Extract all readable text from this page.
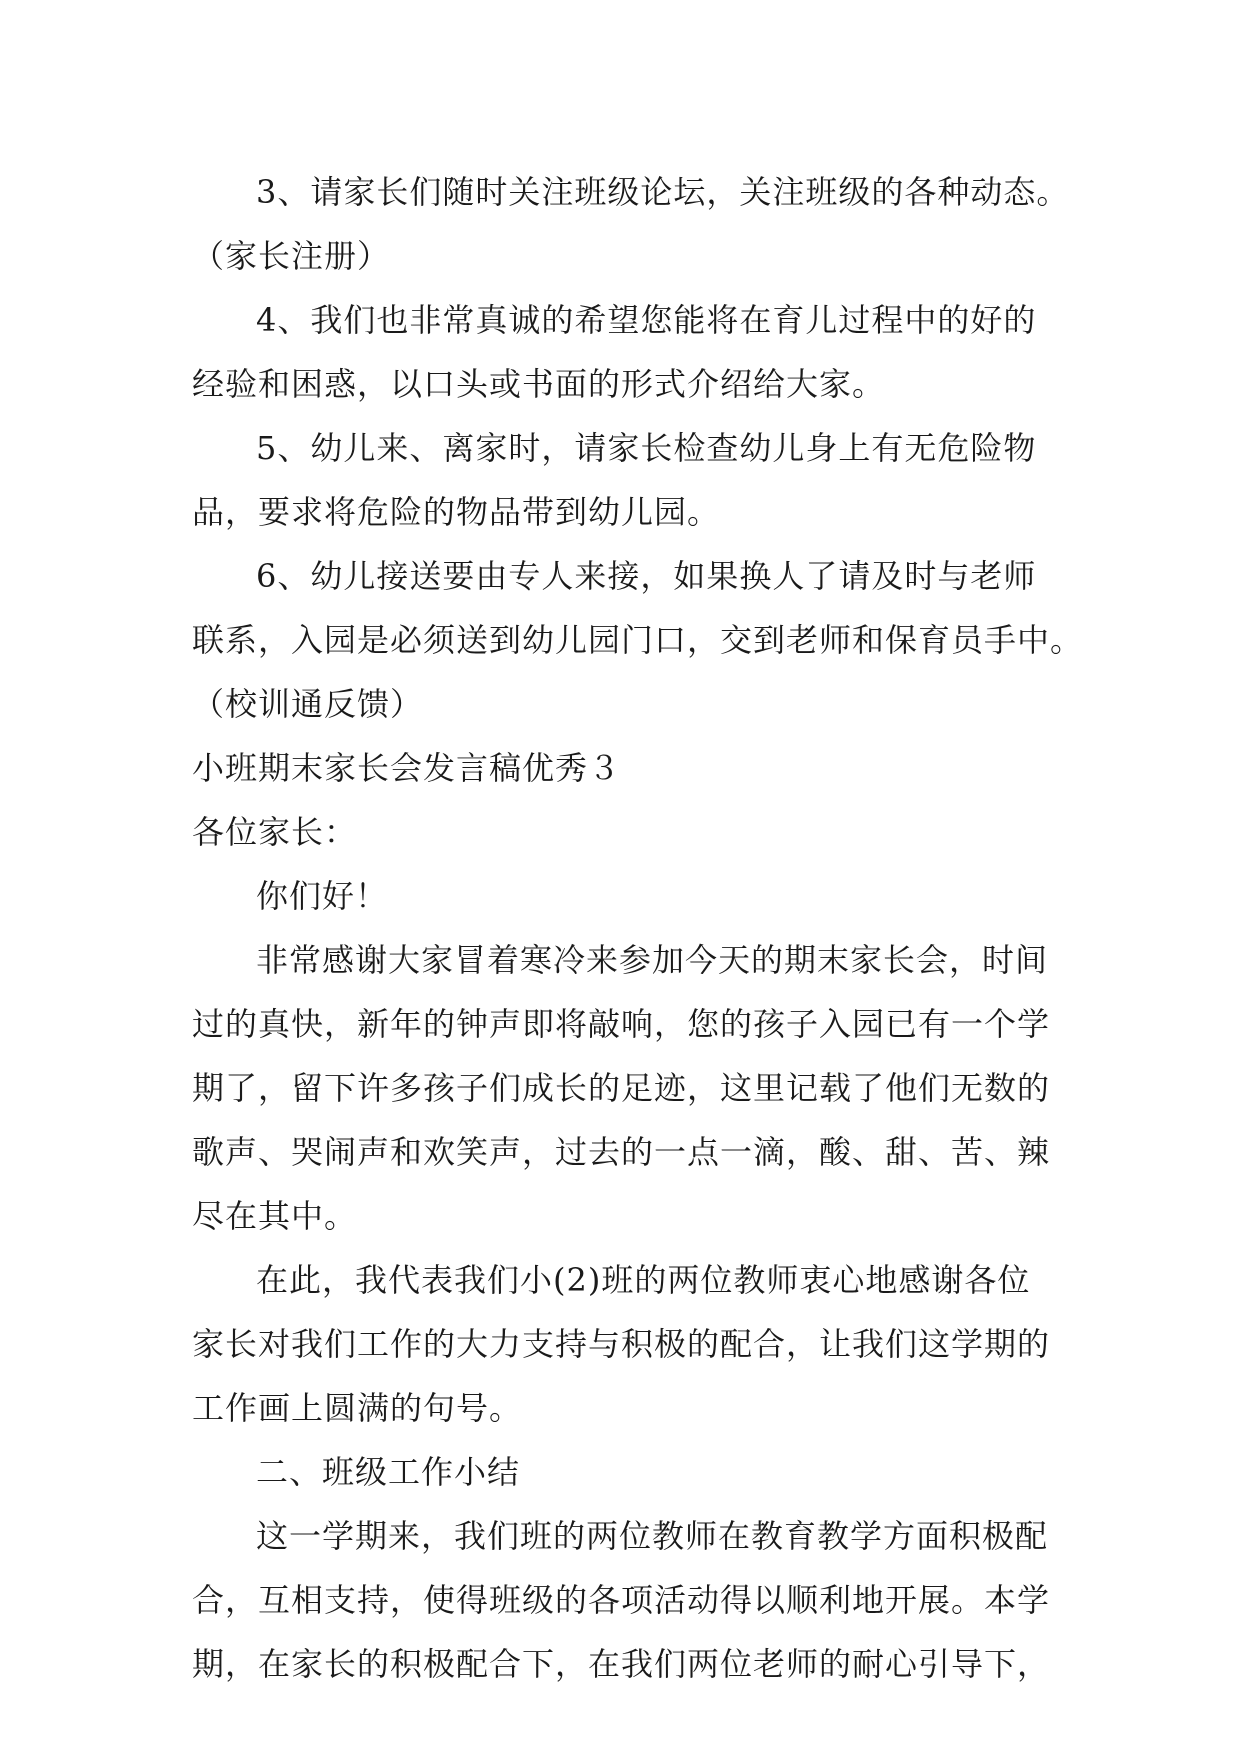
3、请家长们随时关注班级论坛，关注班级的各种动态。
（家长注册）
4、我们也非常真诚的希望您能将在育儿过程中的好的
经验和困惑，以口头或书面的形式介绍给大家。
5、幼儿来、离家时，请家长检查幼儿身上有无危险物
品，要求将危险的物品带到幼儿园。
6、幼儿接送要由专人来接，如果换人了请及时与老师
联系，入园是必须送到幼儿园门口，交到老师和保育员手中。
（校训通反馈）
小班期末家长会发言稿优秀３
各位家长：
你们好！
非常感谢大家冒着寒冷来参加今天的期末家长会，时间
过的真快，新年的钟声即将敲响，您的孩子入园已有一个学
期了，留下许多孩子们成长的足迹，这里记载了他们无数的
歌声、哭闹声和欢笑声，过去的一点一滴，酸、甜、苦、辣
尽在其中。
在此，我代表我们小(2)班的两位教师衷心地感谢各位
家长对我们工作的大力支持与积极的配合，让我们这学期的
工作画上圆满的句号。
二、班级工作小结
这一学期来，我们班的两位教师在教育教学方面积极配
合，互相支持，使得班级的各项活动得以顺利地开展。本学
期，在家长的积极配合下，在我们两位老师的耐心引导下，
